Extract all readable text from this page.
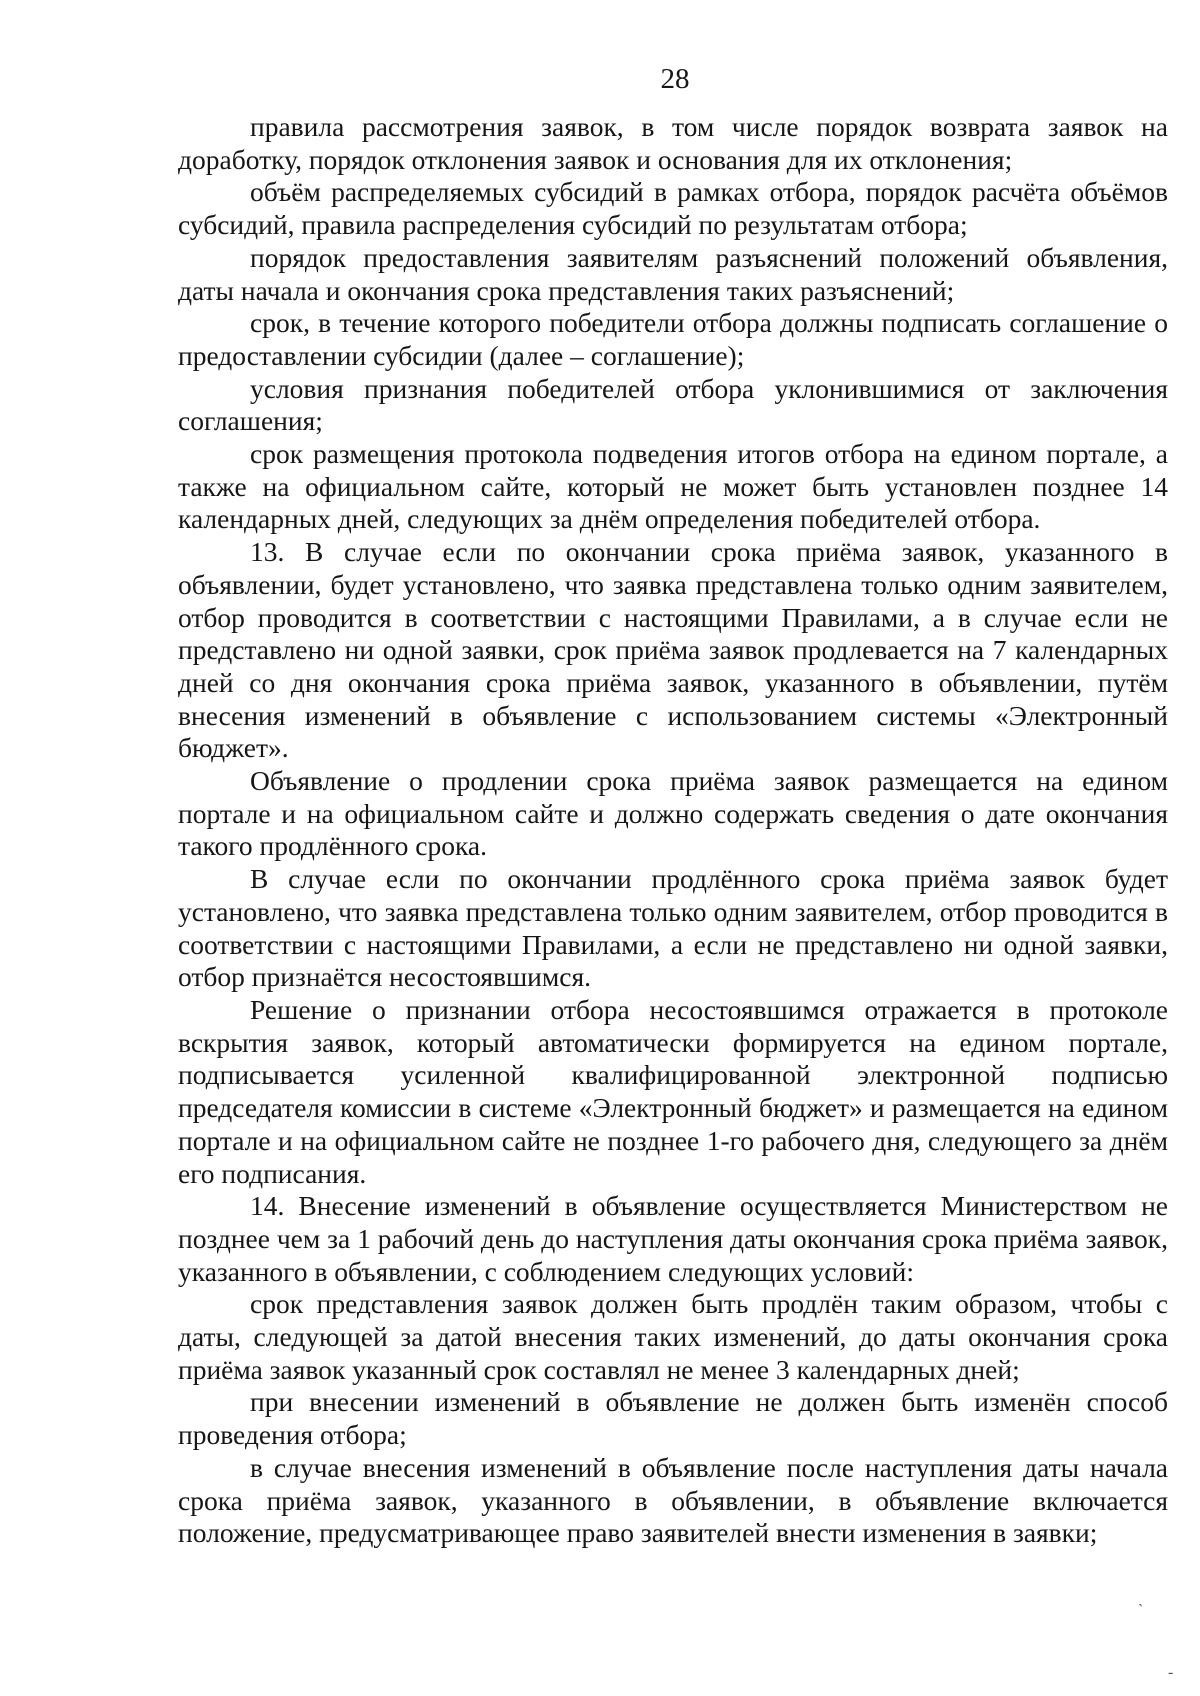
28

правила рассмотрения заявок, в том числе порядок возврата заявок на доработку, порядок отклонения заявок и основания для их отклонения;

объём распределяемых субсидий в рамках отбора, порядок расчёта объёмов субсидий, правила распределения субсидий по результатам отбора;

порядок предоставления заявителям разъяснений положений объявления, даты начала и окончания срока представления таких разъяснений;

срок, в течение которого победители отбора должны подписать соглашение о предоставлении субсидии (далее – соглашение);

условия признания победителей отбора уклонившимися от заключения соглашения;

срок размещения протокола подведения итогов отбора на едином портале, а также на официальном сайте, который не может быть установлен позднее 14 календарных дней, следующих за днём определения победителей отбора.

13. В случае если по окончании срока приёма заявок, указанного в объявлении, будет установлено, что заявка представлена только одним заявителем, отбор проводится в соответствии с настоящими Правилами, а в случае если не представлено ни одной заявки, срок приёма заявок продлевается на 7 календарных дней со дня окончания срока приёма заявок, указанного в объявлении, путём внесения изменений в объявление с использованием системы «Электронный бюджет».

Объявление о продлении срока приёма заявок размещается на едином портале и на официальном сайте и должно содержать сведения о дате окончания такого продлённого срока.

В случае если по окончании продлённого срока приёма заявок будет установлено, что заявка представлена только одним заявителем, отбор проводится в соответствии с настоящими Правилами, а если не представлено ни одной заявки, отбор признаётся несостоявшимся.

Решение о признании отбора несостоявшимся отражается в протоколе вскрытия заявок, который автоматически формируется на едином портале, подписывается усиленной квалифицированной электронной подписью председателя комиссии в системе «Электронный бюджет» и размещается на едином портале и на официальном сайте не позднее 1-го рабочего дня, следующего за днём его подписания.

14. Внесение изменений в объявление осуществляется Министерством не позднее чем за 1 рабочий день до наступления даты окончания срока приёма заявок, указанного в объявлении, с соблюдением следующих условий:

срок представления заявок должен быть продлён таким образом, чтобы с даты, следующей за датой внесения таких изменений, до даты окончания срока приёма заявок указанный срок составлял не менее 3 календарных дней;

при внесении изменений в объявление не должен быть изменён способ проведения отбора;

в случае внесения изменений в объявление после наступления даты начала срока приёма заявок, указанного в объявлении, в объявление включается положение, предусматривающее право заявителей внести изменения в заявки;

`
-
